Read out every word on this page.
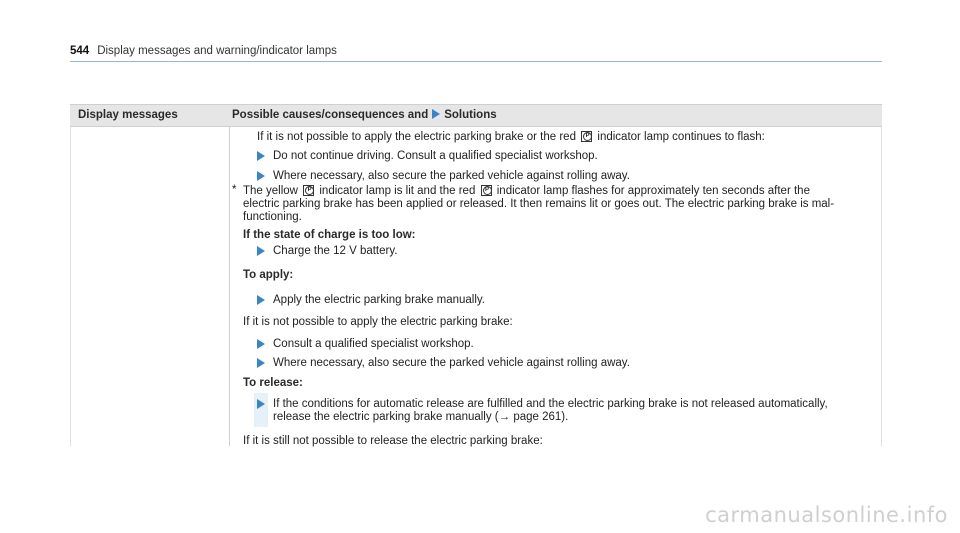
544 Display messages and warning/indicator lamps
Display messages	Possible causes/consequences and Solutions
If it is not possible to apply the electric parking brake or the red P indicator lamp continues to flash:
Do not continue driving. Consult a qualified specialist workshop.
Where necessary, also secure the parked vehicle against rolling away.
* The yellow P indicator lamp is lit and the red P indicator lamp flashes for approximately ten seconds after the
electric parking brake has been applied or released. It then remains lit or goes out. The electric parking brake is mal-
functioning.
If the state of charge is too low:
Charge the 12 V battery.
To apply:
Apply the electric parking brake manually.
If it is not possible to apply the electric parking brake:
Consult a qualified specialist workshop.
Where necessary, also secure the parked vehicle against rolling away.
To release:
If the conditions for automatic release are fulfilled and the electric parking brake is not released automatically,
release the electric parking brake manually (→ page 261).
If it is still not possible to release the electric parking brake:
carmanualsonline.info
